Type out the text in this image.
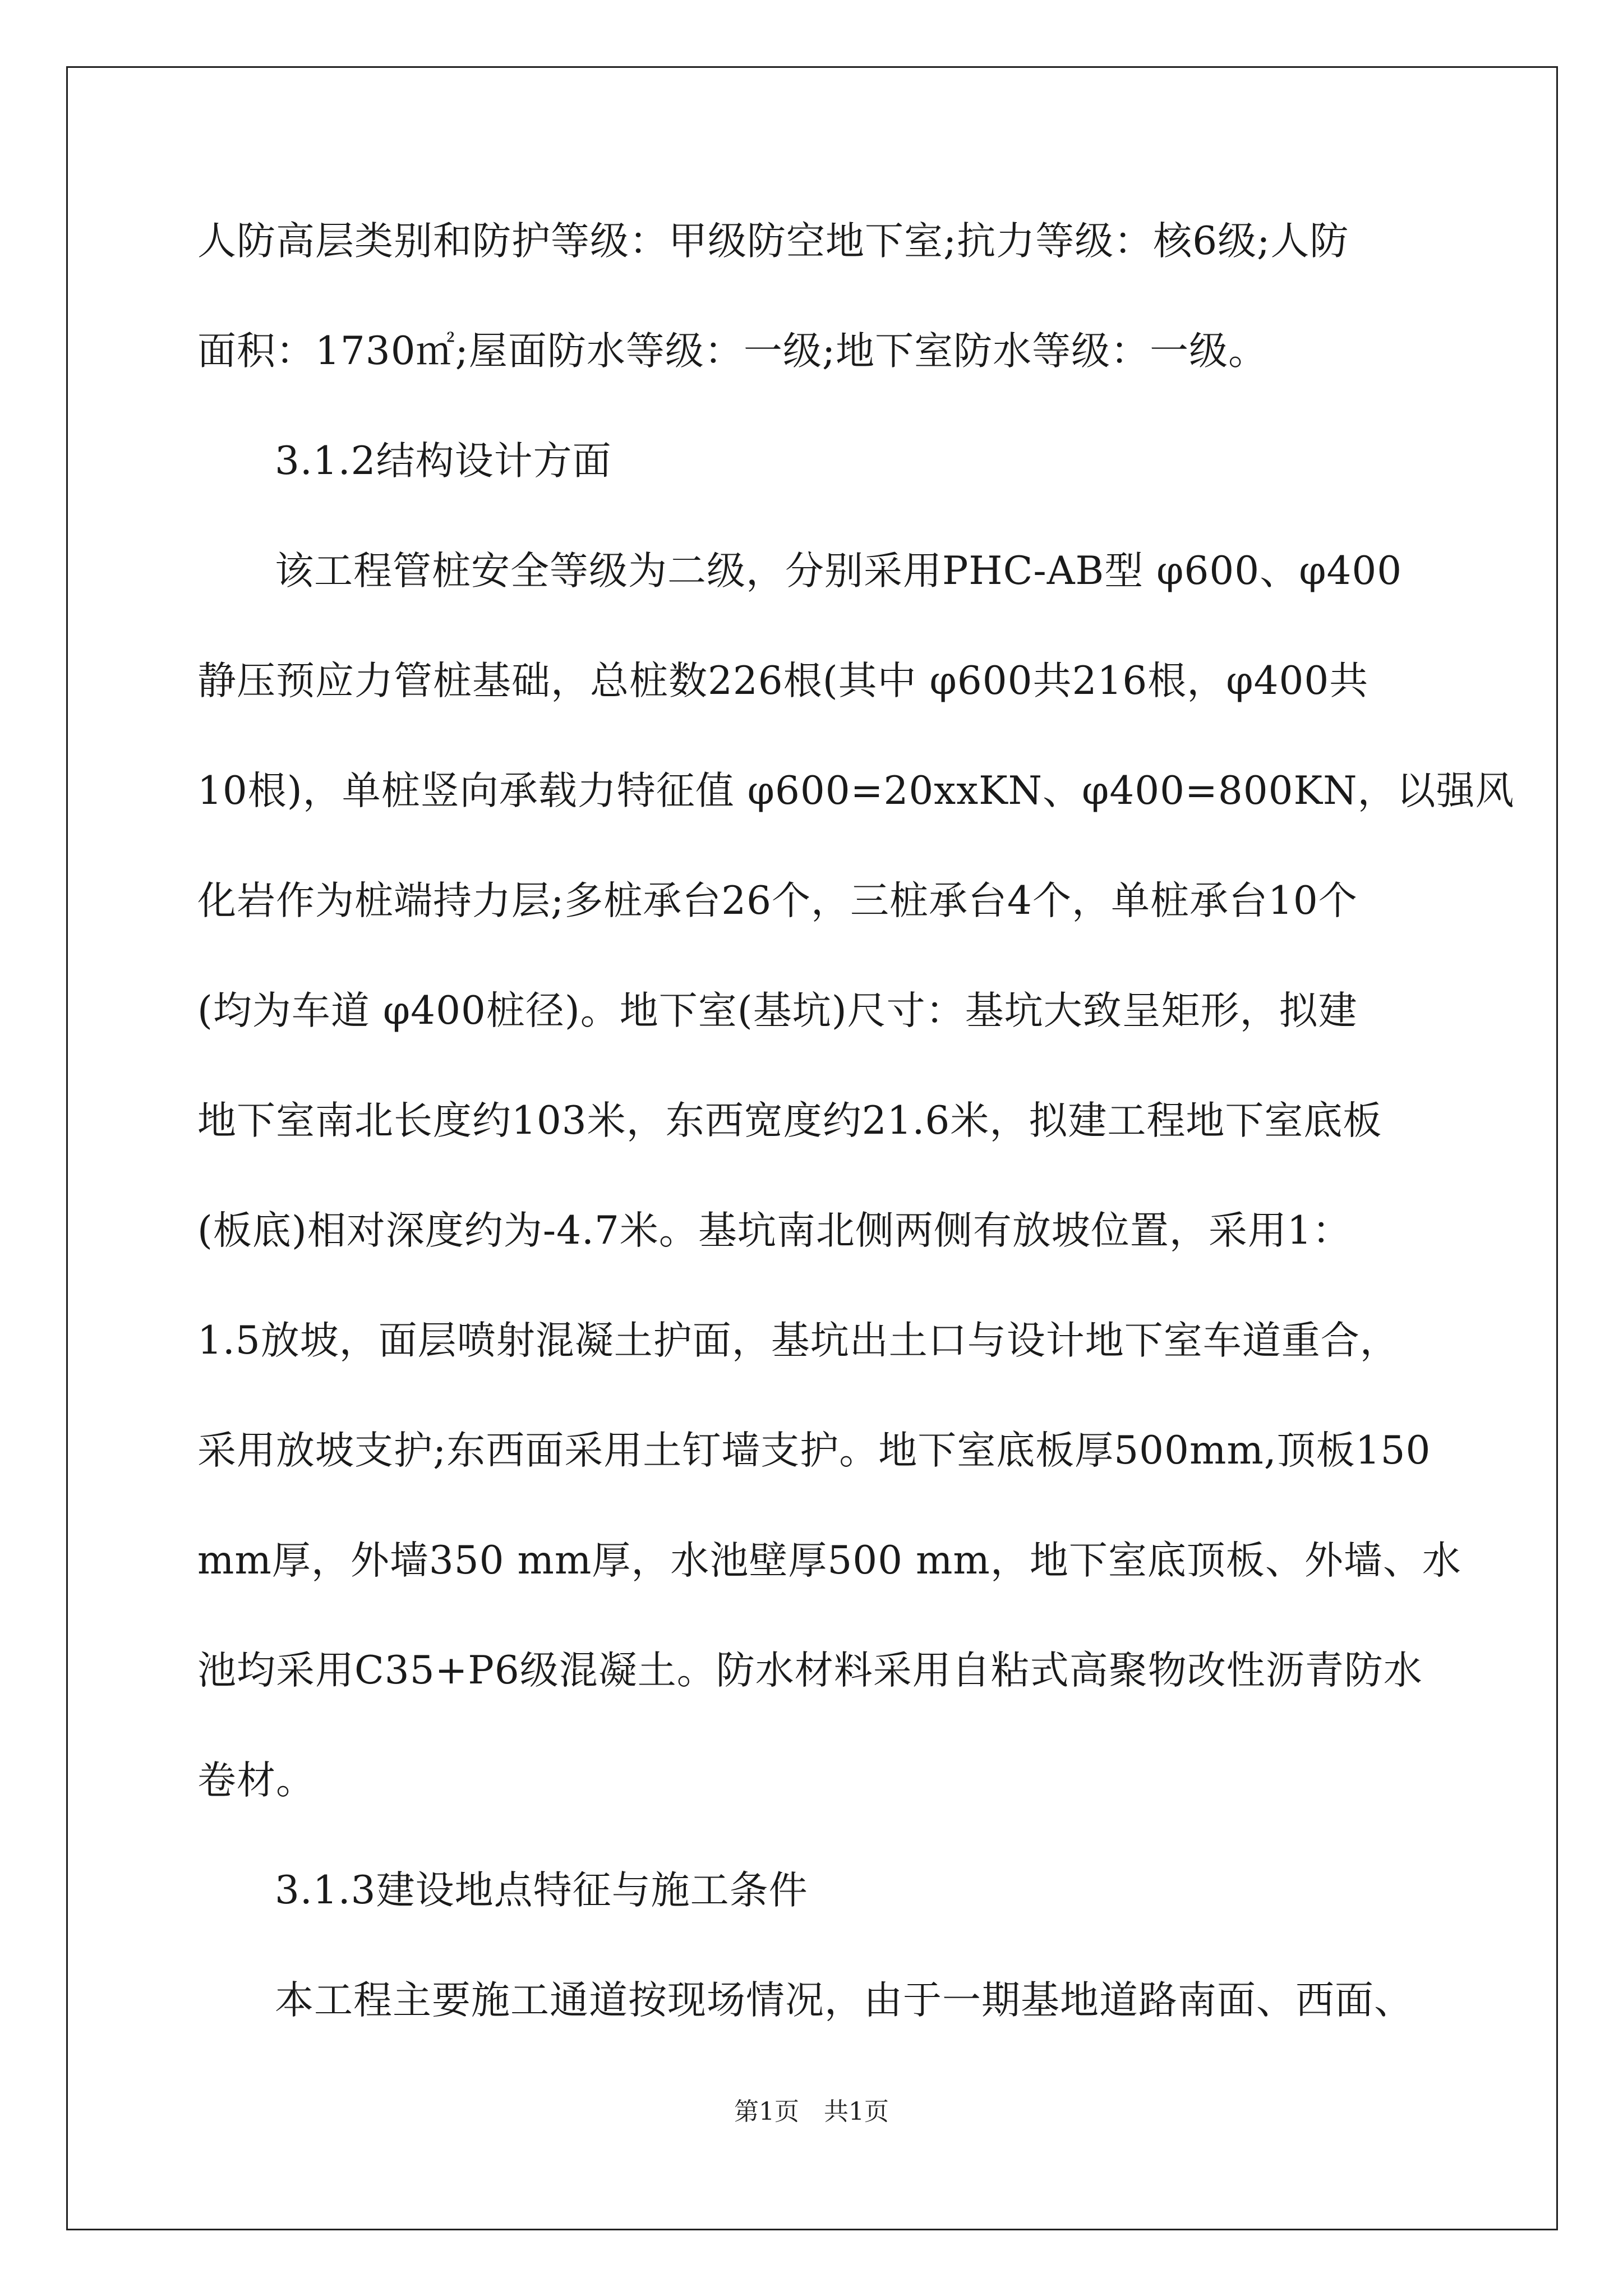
人防高层类别和防护等级：甲级防空地下室;抗力等级：核6级;人防
面积：1730㎡;屋面防水等级：一级;地下室防水等级：一级。
3.1.2结构设计方面
该工程管桩安全等级为二级，分别采用PHC-AB型 φ600、φ400
静压预应力管桩基础，总桩数226根(其中 φ600共216根，φ400共
10根)，单桩竖向承载力特征值 φ600=20xxKN、φ400=800KN，以强风
化岩作为桩端持力层;多桩承台26个，三桩承台4个，单桩承台10个
(均为车道 φ400桩径)。地下室(基坑)尺寸：基坑大致呈矩形，拟建
地下室南北长度约103米，东西宽度约21.6米，拟建工程地下室底板
(板底)相对深度约为-4.7米。基坑南北侧两侧有放坡位置，采用1：
1.5放坡，面层喷射混凝土护面，基坑出土口与设计地下室车道重合，
采用放坡支护;东西面采用土钉墙支护。地下室底板厚500mm,顶板150
mm厚，外墙350 mm厚，水池壁厚500 mm，地下室底顶板、外墙、水
池均采用C35+P6级混凝土。防水材料采用自粘式高聚物改性沥青防水
卷材。
3.1.3建设地点特征与施工条件
本工程主要施工通道按现场情况，由于一期基地道路南面、西面、
第1页　共1页
